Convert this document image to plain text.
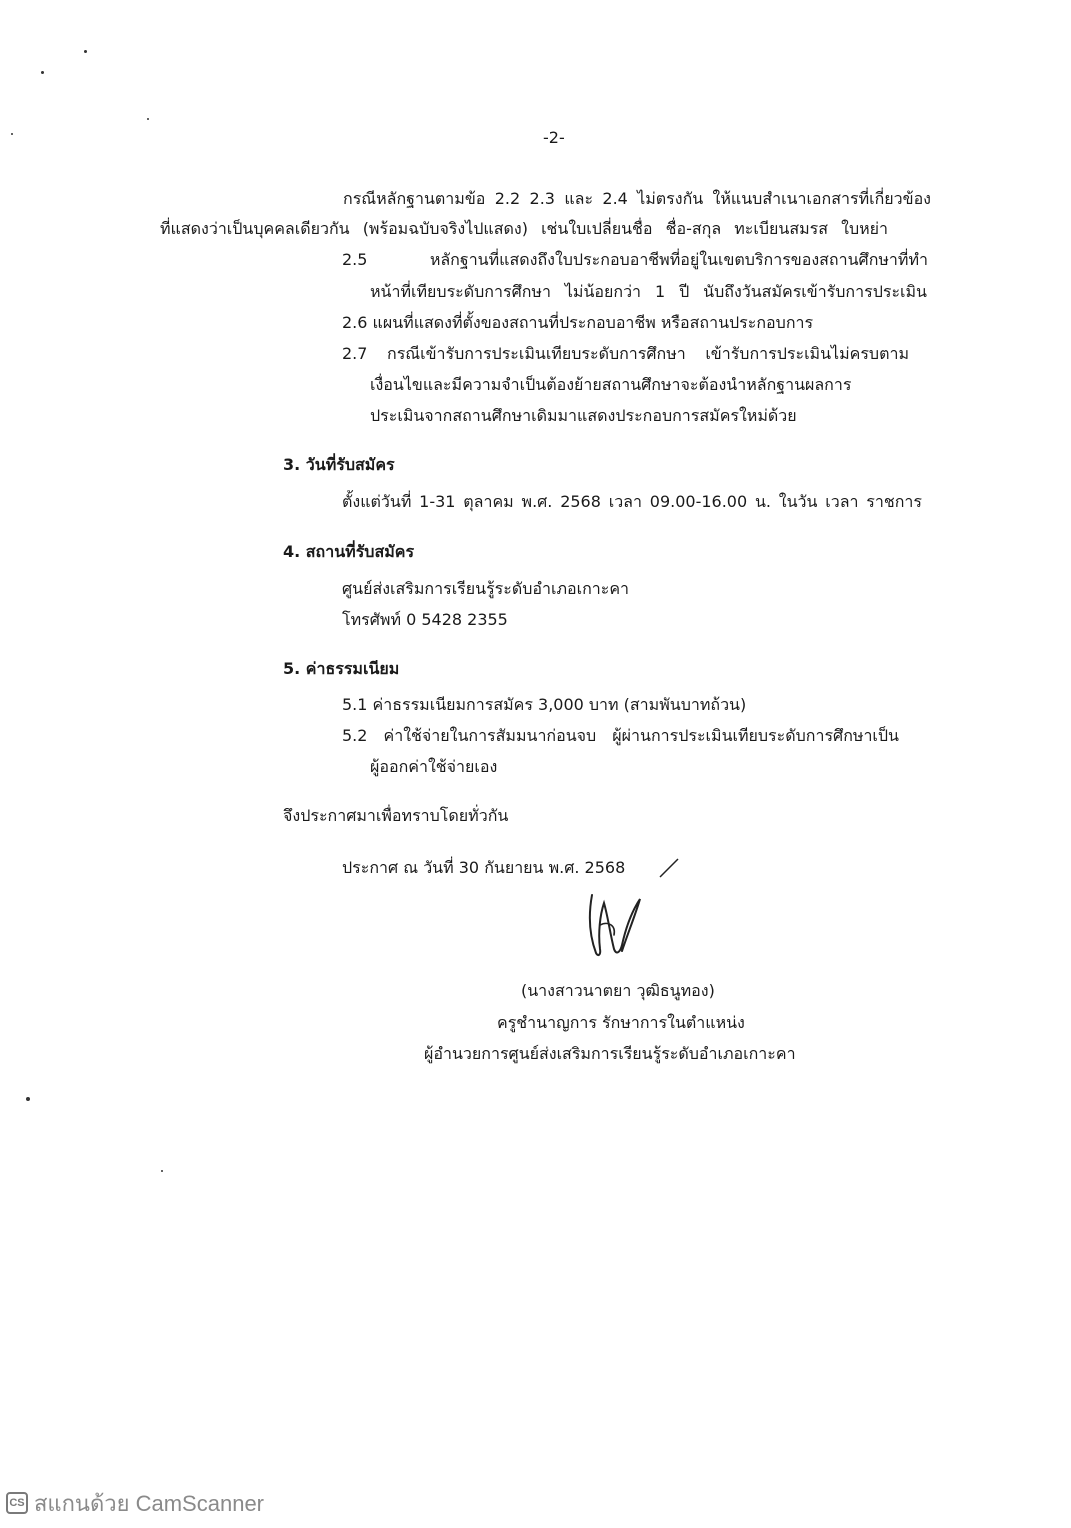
-2-
กรณีหลักฐานตามข้อ 2.2 2.3 และ 2.4 ไม่ตรงกัน ให้แนบสำเนาเอกสารที่เกี่ยวข้อง
ที่แสดงว่าเป็นบุคคลเดียวกัน (พร้อมฉบับจริงไปแสดง) เช่นใบเปลี่ยนชื่อ ชื่อ-สกุล ทะเบียนสมรส ใบหย่า
2.5 หลักฐานที่แสดงถึงใบประกอบอาชีพที่อยู่ในเขตบริการของสถานศึกษาที่ทำ
หน้าที่เทียบระดับการศึกษา ไม่น้อยกว่า 1 ปี นับถึงวันสมัครเข้ารับการประเมิน
2.6 แผนที่แสดงที่ตั้งของสถานที่ประกอบอาชีพ หรือสถานประกอบการ
2.7 กรณีเข้ารับการประเมินเทียบระดับการศึกษา เข้ารับการประเมินไม่ครบตาม
เงื่อนไขและมีความจำเป็นต้องย้ายสถานศึกษาจะต้องนำหลักฐานผลการ
ประเมินจากสถานศึกษาเดิมมาแสดงประกอบการสมัครใหม่ด้วย
3. วันที่รับสมัคร
ตั้งแต่วันที่ 1-31 ตุลาคม พ.ศ. 2568 เวลา 09.00-16.00 น. ในวัน เวลา ราชการ
4. สถานที่รับสมัคร
ศูนย์ส่งเสริมการเรียนรู้ระดับอำเภอเกาะคา
โทรศัพท์ 0 5428 2355
5. ค่าธรรมเนียม
5.1 ค่าธรรมเนียมการสมัคร 3,000 บาท (สามพันบาทถ้วน)
5.2 ค่าใช้จ่ายในการสัมมนาก่อนจบ ผู้ผ่านการประเมินเทียบระดับการศึกษาเป็น
ผู้ออกค่าใช้จ่ายเอง
จึงประกาศมาเพื่อทราบโดยทั่วกัน
ประกาศ ณ วันที่ 30 กันยายน พ.ศ. 2568
(นางสาวนาตยา วุฒิธนูทอง)
ครูชำนาญการ รักษาการในตำแหน่ง
ผู้อำนวยการศูนย์ส่งเสริมการเรียนรู้ระดับอำเภอเกาะคา
CS สแกนด้วย CamScanner
